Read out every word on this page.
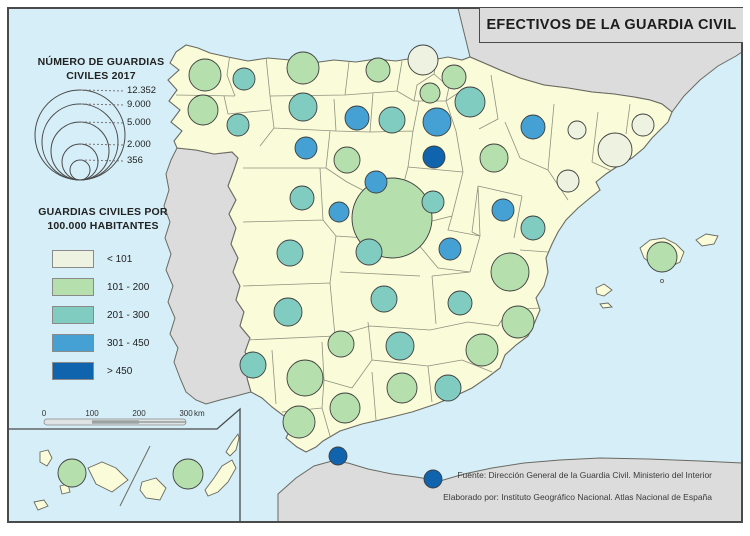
EFECTIVOS DE LA GUARDIA CIVIL
NÚMERO DE GUARDIAS CIVILES 2017
12.352
9.000
5.000
2.000
356
GUARDIAS CIVILES POR 100.000 HABITANTES
< 101
101 - 200
201 - 300
301 - 450
> 450
0	100	200	300 km
Fuente: Dirección General de la Guardia Civil. Ministerio del Interior
Elaborado por: Instituto Geográfico Nacional. Atlas Nacional de España
